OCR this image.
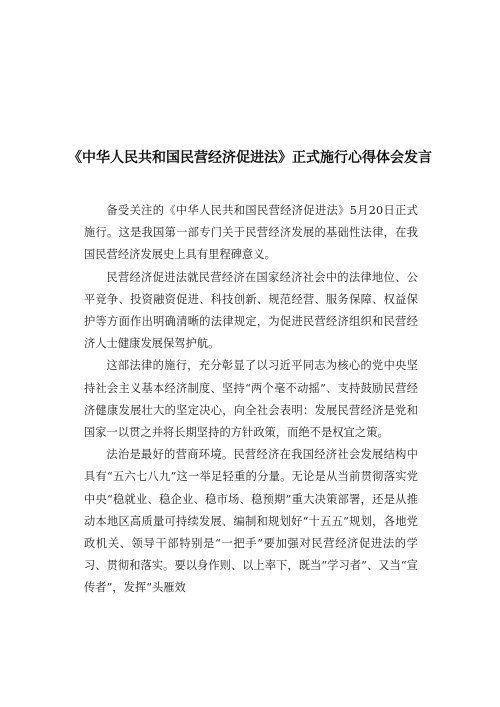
《中华人民共和国民营经济促进法》正式施行心得体会发言

备受关注的《中华人民共和国民营经济促进法》5月20日正式施行。这是我国第一部专门关于民营经济发展的基础性法律，在我国民营经济发展史上具有里程碑意义。

民营经济促进法就民营经济在国家经济社会中的法律地位、公平竞争、投资融资促进、科技创新、规范经营、服务保障、权益保护等方面作出明确清晰的法律规定，为促进民营经济组织和民营经济人士健康发展保驾护航。

这部法律的施行，充分彰显了以习近平同志为核心的党中央坚持社会主义基本经济制度、坚持“两个毫不动摇”、支持鼓励民营经济健康发展壮大的坚定决心，向全社会表明：发展民营经济是党和国家一以贯之并将长期坚持的方针政策，而绝不是权宜之策。

法治是最好的营商环境。民营经济在我国经济社会发展结构中具有“五六七八九”这一举足轻重的分量。无论是从当前贯彻落实党中央“稳就业、稳企业、稳市场、稳预期”重大决策部署，还是从推动本地区高质量可持续发展、编制和规划好“十五五”规划，各地党政机关、领导干部特别是“一把手”要加强对民营经济促进法的学习、贯彻和落实。要以身作则、以上率下，既当“学习者”、又当“宣传者”，发挥“头雁效
